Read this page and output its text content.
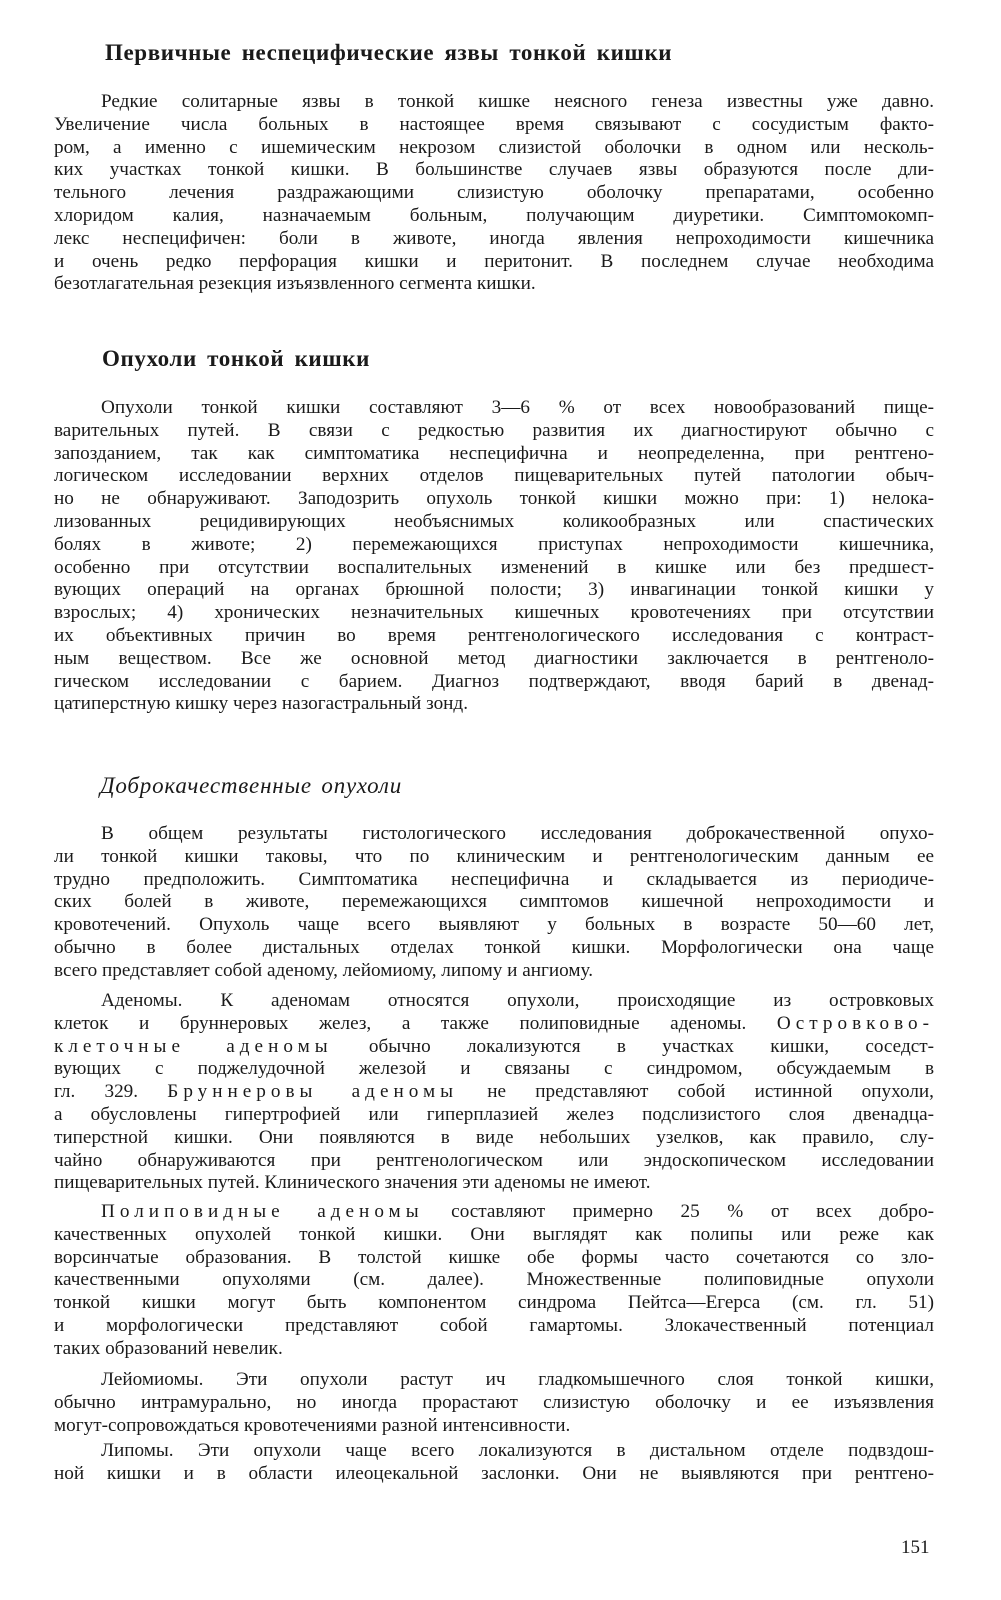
Первичные неспецифические язвы тонкой кишки
Редкие солитарные язвы в тонкой кишке неясного генеза известны уже давно.
Увеличение числа больных в настоящее время связывают с сосудистым факто-
ром, а именно с ишемическим некрозом слизистой оболочки в одном или несколь-
ких участках тонкой кишки. В большинстве случаев язвы образуются после дли-
тельного лечения раздражающими слизистую оболочку препаратами, особенно
хлоридом калия, назначаемым больным, получающим диуретики. Симптомокомп-
лекс неспецифичен: боли в животе, иногда явления непроходимости кишечника
и очень редко перфорация кишки и перитонит. В последнем случае необходима
безотлагательная резекция изъязвленного сегмента кишки.
Опухоли тонкой кишки
Опухоли тонкой кишки составляют 3—6 % от всех новообразований пище-
варительных путей. В связи с редкостью развития их диагностируют обычно с
запозданием, так как симптоматика неспецифична и неопределенна, при рентгено-
логическом исследовании верхних отделов пищеварительных путей патологии обыч-
но не обнаруживают. Заподозрить опухоль тонкой кишки можно при: 1) нелока-
лизованных рецидивирующих необъяснимых коликообразных или спастических
болях в животе; 2) перемежающихся приступах непроходимости кишечника,
особенно при отсутствии воспалительных изменений в кишке или без предшест-
вующих операций на органах брюшной полости; 3) инвагинации тонкой кишки у
взрослых; 4) хронических незначительных кишечных кровотечениях при отсутствии
их объективных причин во время рентгенологического исследования с контраст-
ным веществом. Все же основной метод диагностики заключается в рентгеноло-
гическом исследовании с барием. Диагноз подтверждают, вводя барий в двенад-
цатиперстную кишку через назогастральный зонд.
Доброкачественные опухоли
В общем результаты гистологического исследования доброкачественной опухо-
ли тонкой кишки таковы, что по клиническим и рентгенологическим данным ее
трудно предположить. Симптоматика неспецифична и складывается из периодиче-
ских болей в животе, перемежающихся симптомов кишечной непроходимости и
кровотечений. Опухоль чаще всего выявляют у больных в возрасте 50—60 лет,
обычно в более дистальных отделах тонкой кишки. Морфологически она чаще
всего представляет собой аденому, лейомиому, липому и ангиому.
Аденомы. К аденомам относятся опухоли, происходящие из островковых
клеток и бруннеровых желез, а также полиповидные аденомы. Островково-
клеточные аденомы обычно локализуются в участках кишки, соседст-
вующих с поджелудочной железой и связаны с синдромом, обсуждаемым в
гл. 329. Бруннеровы аденомы не представляют собой истинной опухоли,
а обусловлены гипертрофией или гиперплазией желез подслизистого слоя двенадца-
типерстной кишки. Они появляются в виде небольших узелков, как правило, слу-
чайно обнаруживаются при рентгенологическом или эндоскопическом исследовании
пищеварительных путей. Клинического значения эти аденомы не имеют.
Полиповидные аденомы составляют примерно 25 % от всех добро-
качественных опухолей тонкой кишки. Они выглядят как полипы или реже как
ворсинчатые образования. В толстой кишке обе формы часто сочетаются со зло-
качественными опухолями (см. далее). Множественные полиповидные опухоли
тонкой кишки могут быть компонентом синдрома Пейтса—Егерса (см. гл. 51)
и морфологически представляют собой гамартомы. Злокачественный потенциал
таких образований невелик.
Лейомиомы. Эти опухоли растут ич гладкомышечного слоя тонкой кишки,
обычно интрамурально, но иногда прорастают слизистую оболочку и ее изъязвления
могут-сопровождаться кровотечениями разной интенсивности.
Липомы. Эти опухоли чаще всего локализуются в дистальном отделе подвздош-
ной кишки и в области илеоцекальной заслонки. Они не выявляются при рентгено-
151
